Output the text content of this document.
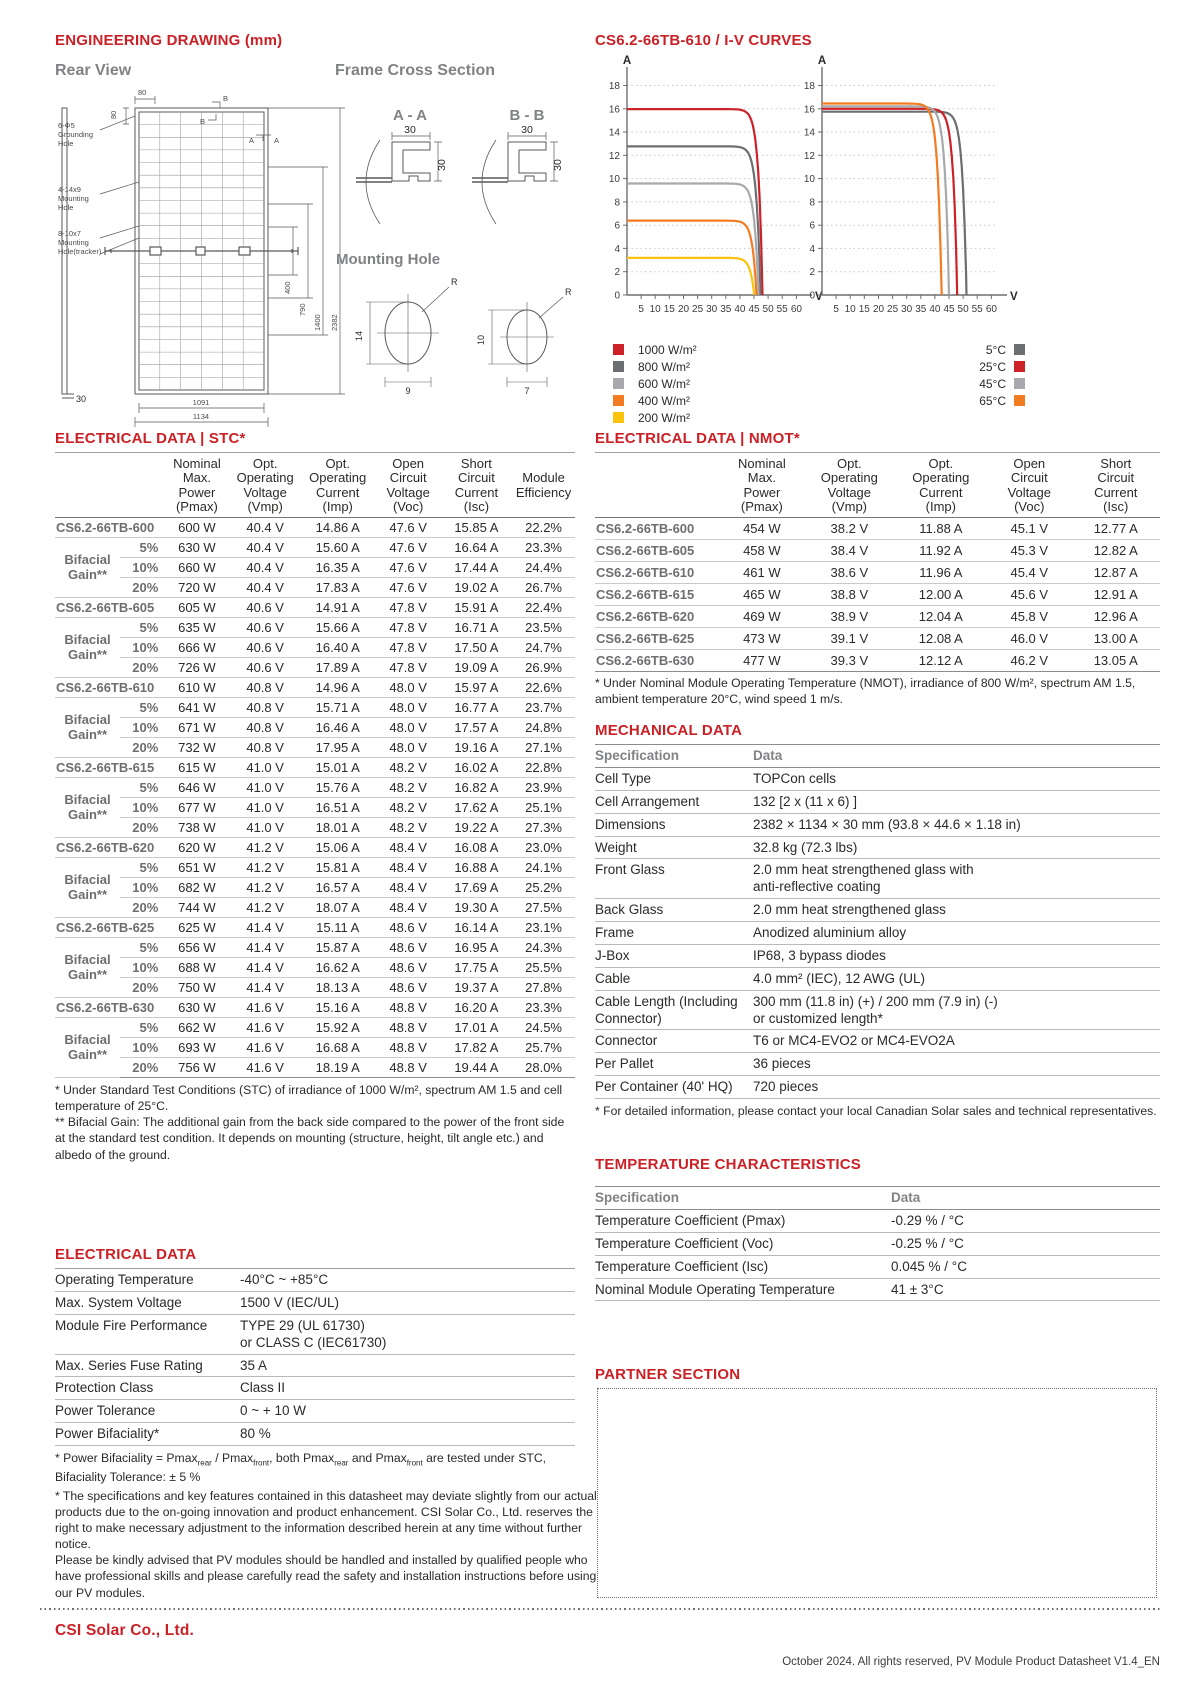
ENGINEERING DRAWING (mm)
Rear View	Frame Cross Section
30
80
80
B
B
A	A
6-Φ5
Grounding
Hole
4-14x9
Mounting
Hole
8-10x7
Mounting
Hole(tracker)
400
790
1400 2382
1091
1134
A - A	B - B
30
30
30
30
Mounting Hole
14
9
R
10
7
R
CS6.2-66TB-610 / I-V CURVES
0
2
4
6
8
10
12
14
16
18
5 10 15 20 25 30 35 40 45 50 55 60
A
V
0
2
4
6
8
10
12
14
16
18
5 10 15 20 25 30 35 40 45 50 55 60
A
V
1000 W/m²
800 W/m²
600 W/m²
400 W/m²
200 W/m²
5°C
25°C
45°C
65°C
ELECTRICAL DATA | STC*

Nominal
Max.
Power
(Pmax)

Opt.
Operating
Voltage
(Vmp)

Opt.
Operating
Current
(Imp)

Open
Circuit
Voltage
(Voc)

Short
Circuit
Current
(Isc)

Module
Efficiency

CS6.2-66TB-600		600 W	40.4 V	14.86 A	47.6 V	15.85 A	22.2%
Bifacial
Gain**	5%	630 W	40.4 V	15.60 A	47.6 V	16.64 A	23.3%
	10%	660 W	40.4 V	16.35 A	47.6 V	17.44 A	24.4%
	20%	720 W	40.4 V	17.83 A	47.6 V	19.02 A	26.7%
CS6.2-66TB-605		605 W	40.6 V	14.91 A	47.8 V	15.91 A	22.4%
Bifacial
Gain**	5%	635 W	40.6 V	15.66 A	47.8 V	16.71 A	23.5%
	10%	666 W	40.6 V	16.40 A	47.8 V	17.50 A	24.7%
	20%	726 W	40.6 V	17.89 A	47.8 V	19.09 A	26.9%
CS6.2-66TB-610		610 W	40.8 V	14.96 A	48.0 V	15.97 A	22.6%
Bifacial
Gain**	5%	641 W	40.8 V	15.71 A	48.0 V	16.77 A	23.7%
	10%	671 W	40.8 V	16.46 A	48.0 V	17.57 A	24.8%
	20%	732 W	40.8 V	17.95 A	48.0 V	19.16 A	27.1%
CS6.2-66TB-615		615 W	41.0 V	15.01 A	48.2 V	16.02 A	22.8%
Bifacial
Gain**	5%	646 W	41.0 V	15.76 A	48.2 V	16.82 A	23.9%
	10%	677 W	41.0 V	16.51 A	48.2 V	17.62 A	25.1%
	20%	738 W	41.0 V	18.01 A	48.2 V	19.22 A	27.3%
CS6.2-66TB-620		620 W	41.2 V	15.06 A	48.4 V	16.08 A	23.0%
Bifacial
Gain**	5%	651 W	41.2 V	15.81 A	48.4 V	16.88 A	24.1%
	10%	682 W	41.2 V	16.57 A	48.4 V	17.69 A	25.2%
	20%	744 W	41.2 V	18.07 A	48.4 V	19.30 A	27.5%
CS6.2-66TB-625		625 W	41.4 V	15.11 A	48.6 V	16.14 A	23.1%
Bifacial
Gain**	5%	656 W	41.4 V	15.87 A	48.6 V	16.95 A	24.3%
	10%	688 W	41.4 V	16.62 A	48.6 V	17.75 A	25.5%
	20%	750 W	41.4 V	18.13 A	48.6 V	19.37 A	27.8%
CS6.2-66TB-630		630 W	41.6 V	15.16 A	48.8 V	16.20 A	23.3%
Bifacial
Gain**	5%	662 W	41.6 V	15.92 A	48.8 V	17.01 A	24.5%
	10%	693 W	41.6 V	16.68 A	48.8 V	17.82 A	25.7%
	20%	756 W	41.6 V	18.19 A	48.8 V	19.44 A	28.0%
* Under Standard Test Conditions (STC) of irradiance of 1000 W/m², spectrum AM 1.5 and cell temperature of 25°C.
** Bifacial Gain: The additional gain from the back side compared to the power of the front side at the standard test condition. It depends on mounting (structure, height, tilt angle etc.) and albedo of the ground.
ELECTRICAL DATA | NMOT*

Nominal
Max.
Power
(Pmax)

Opt.
Operating
Voltage
(Vmp)

Opt.
Operating
Current
(Imp)

Open
Circuit
Voltage
(Voc)

Short
Circuit
Current
(Isc)

CS6.2-66TB-600	454 W	38.2 V	11.88 A	45.1 V	12.77 A
CS6.2-66TB-605	458 W	38.4 V	11.92 A	45.3 V	12.82 A
CS6.2-66TB-610	461 W	38.6 V	11.96 A	45.4 V	12.87 A
CS6.2-66TB-615	465 W	38.8 V	12.00 A	45.6 V	12.91 A
CS6.2-66TB-620	469 W	38.9 V	12.04 A	45.8 V	12.96 A
CS6.2-66TB-625	473 W	39.1 V	12.08 A	46.0 V	13.00 A
CS6.2-66TB-630	477 W	39.3 V	12.12 A	46.2 V	13.05 A
* Under Nominal Module Operating Temperature (NMOT), irradiance of 800 W/m², spectrum AM 1.5, ambient temperature 20°C, wind speed 1 m/s.
MECHANICAL DATA
Specification	Data
Cell Type	TOPCon cells
Cell Arrangement	132 [2 x (11 x 6) ]
Dimensions	2382 × 1134 × 30 mm (93.8 × 44.6 × 1.18 in)
Weight	32.8 kg (72.3 lbs)
Front Glass	2.0 mm heat strengthened glass with
anti-reflective coating

Back Glass	2.0 mm heat strengthened glass
Frame	Anodized aluminium alloy
J-Box	IP68, 3 bypass diodes
Cable	4.0 mm² (IEC), 12 AWG (UL)
Cable Length (Including Connector)	300 mm (11.8 in) (+) / 200 mm (7.9 in) (-)
or customized length*

Connector	T6 or MC4-EVO2 or MC4-EVO2A
Per Pallet	36 pieces
Per Container (40' HQ)	720 pieces
* For detailed information, please contact your local Canadian Solar sales and technical representatives.
ELECTRICAL DATA
Operating Temperature	-40°C ~ +85°C
Max. System Voltage	1500 V (IEC/UL)
Module Fire Performance	TYPE 29 (UL 61730)
or CLASS C (IEC61730)

Max. Series Fuse Rating	35 A
Protection Class	Class II
Power Tolerance	0 ~ + 10 W
Power Bifaciality*	80 %
* Power Bifaciality = Pmax$_{rear}$ / Pmax$_{front}$, both Pmax$_{rear}$ and Pmax$_{front}$ are tested under STC, Bifaciality Tolerance: ± 5 %
TEMPERATURE CHARACTERISTICS
Specification	Data
Temperature Coefficient (Pmax)	-0.29 % / °C
Temperature Coefficient (Voc)	-0.25 % / °C
Temperature Coefficient (Isc)	0.045 % / °C
Nominal Module Operating Temperature	41 ± 3°C
* The specifications and key features contained in this datasheet may deviate slightly from our actual products due to the on-going innovation and product enhancement. CSI Solar Co., Ltd. reserves the right to make necessary adjustment to the information described herein at any time without further notice.
Please be kindly advised that PV modules should be handled and installed by qualified people who have professional skills and please carefully read the safety and installation instructions before using our PV modules.
PARTNER SECTION
CSI Solar Co., Ltd.
October 2024. All rights reserved, PV Module Product Datasheet V1.4_EN
